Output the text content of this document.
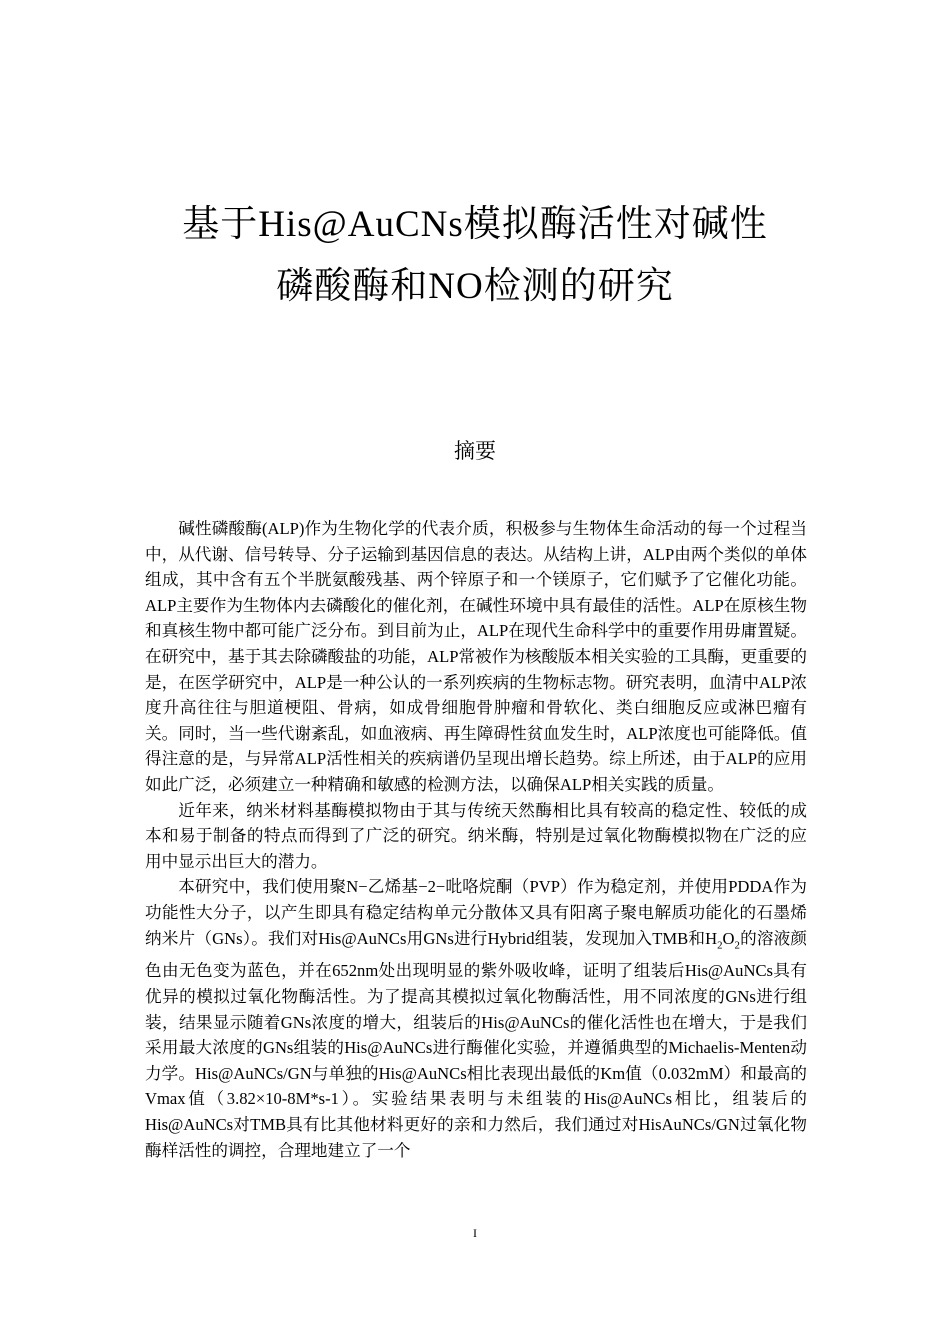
基于His@AuCNs模拟酶活性对碱性
磷酸酶和NO检测的研究
摘要

碱性磷酸酶(ALP)作为生物化学的代表介质，积极参与生物体生命活动的每一个过程当中，从代谢、信号转导、分子运输到基因信息的表达。从结构上讲，ALP由两个类似的单体组成，其中含有五个半胱氨酸残基、两个锌原子和一个镁原子，它们赋予了它催化功能。ALP主要作为生物体内去磷酸化的催化剂，在碱性环境中具有最佳的活性。ALP在原核生物和真核生物中都可能广泛分布。到目前为止，ALP在现代生命科学中的重要作用毋庸置疑。在研究中，基于其去除磷酸盐的功能，ALP常被作为核酸版本相关实验的工具酶，更重要的是，在医学研究中，ALP是一种公认的一系列疾病的生物标志物。研究表明，血清中ALP浓度升高往往与胆道梗阻、骨病，如成骨细胞骨肿瘤和骨软化、类白细胞反应或淋巴瘤有关。同时，当一些代谢紊乱，如血液病、再生障碍性贫血发生时，ALP浓度也可能降低。值得注意的是，与异常ALP活性相关的疾病谱仍呈现出增长趋势。综上所述，由于ALP的应用如此广泛，必须建立一种精确和敏感的检测方法，以确保ALP相关实践的质量。

近年来，纳米材料基酶模拟物由于其与传统天然酶相比具有较高的稳定性、较低的成本和易于制备的特点而得到了广泛的研究。纳米酶，特别是过氧化物酶模拟物在广泛的应用中显示出巨大的潜力。

本研究中，我们使用聚N−乙烯基−2−吡咯烷酮（PVP）作为稳定剂，并使用PDDA作为功能性大分子，以产生即具有稳定结构单元分散体又具有阳离子聚电解质功能化的石墨烯纳米片（GNs）。我们对His@AuNCs用GNs进行Hybrid组装，发现加入TMB和$H_2O_2$的溶液颜色由无色变为蓝色，并在652nm处出现明显的紫外吸收峰，证明了组装后His@AuNCs具有优异的模拟过氧化物酶活性。为了提高其模拟过氧化物酶活性，用不同浓度的GNs进行组装，结果显示随着GNs浓度的增大，组装后的His@AuNCs的催化活性也在增大，于是我们采用最大浓度的GNs组装的His@AuNCs进行酶催化实验，并遵循典型的Michaelis-Menten动力学。His@AuNCs/GN与单独的His@AuNCs相比表现出最低的Km值（0.032mM）和最高的Vmax值（3.82×10-8M*s-1）。实验结果表明与未组装的His@AuNCs相比，组装后的His@AuNCs对TMB具有比其他材料更好的亲和力然后，我们通过对HisAuNCs/GN过氧化物酶样活性的调控，合理地建立了一个

I
